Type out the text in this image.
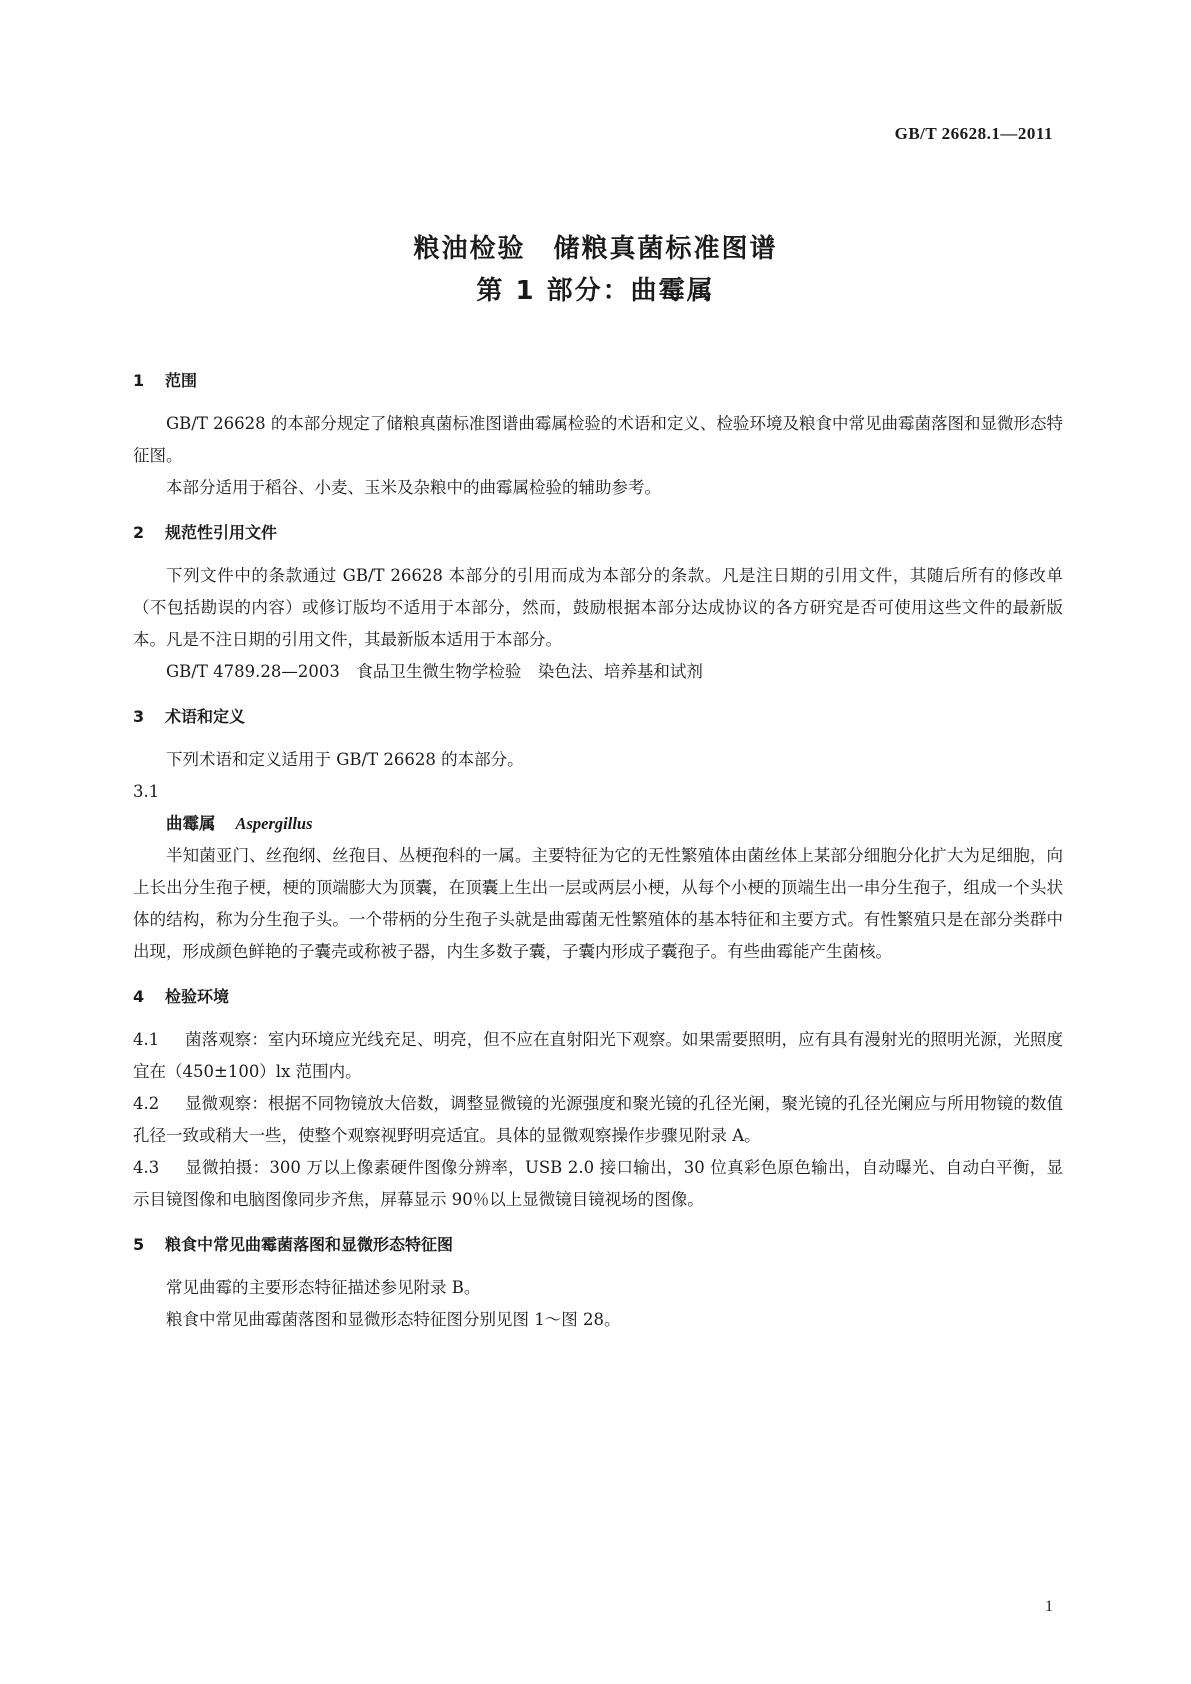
GB/T 26628.1—2011
粮油检验　储粮真菌标准图谱
第 1 部分：曲霉属
1 范围

GB/T 26628 的本部分规定了储粮真菌标准图谱曲霉属检验的术语和定义、检验环境及粮食中常见曲霉菌落图和显微形态特征图。

本部分适用于稻谷、小麦、玉米及杂粮中的曲霉属检验的辅助参考。

2 规范性引用文件

下列文件中的条款通过 GB/T 26628 本部分的引用而成为本部分的条款。凡是注日期的引用文件，其随后所有的修改单（不包括勘误的内容）或修订版均不适用于本部分，然而，鼓励根据本部分达成协议的各方研究是否可使用这些文件的最新版本。凡是不注日期的引用文件，其最新版本适用于本部分。

GB/T 4789.28—2003　食品卫生微生物学检验　染色法、培养基和试剂
3 术语和定义

下列术语和定义适用于 GB/T 26628 的本部分。

3.1
曲霉属 Aspergillus

半知菌亚门、丝孢纲、丝孢目、丛梗孢科的一属。主要特征为它的无性繁殖体由菌丝体上某部分细胞分化扩大为足细胞，向上长出分生孢子梗，梗的顶端膨大为顶囊，在顶囊上生出一层或两层小梗，从每个小梗的顶端生出一串分生孢子，组成一个头状体的结构，称为分生孢子头。一个带柄的分生孢子头就是曲霉菌无性繁殖体的基本特征和主要方式。有性繁殖只是在部分类群中出现，形成颜色鲜艳的子囊壳或称被子器，内生多数子囊，子囊内形成子囊孢子。有些曲霉能产生菌核。

4 检验环境
4.1 菌落观察：室内环境应光线充足、明亮，但不应在直射阳光下观察。如果需要照明，应有具有漫射光的照明光源，光照度宜在（450±100）lx 范围内。
4.2 显微观察：根据不同物镜放大倍数，调整显微镜的光源强度和聚光镜的孔径光阑，聚光镜的孔径光阑应与所用物镜的数值孔径一致或稍大一些，使整个观察视野明亮适宜。具体的显微观察操作步骤见附录 A。
4.3 显微拍摄：300 万以上像素硬件图像分辨率，USB 2.0 接口输出，30 位真彩色原色输出，自动曝光、自动白平衡，显示目镜图像和电脑图像同步齐焦，屏幕显示 90％以上显微镜目镜视场的图像。
5 粮食中常见曲霉菌落图和显微形态特征图

常见曲霉的主要形态特征描述参见附录 B。

粮食中常见曲霉菌落图和显微形态特征图分别见图 1～图 28。

1
